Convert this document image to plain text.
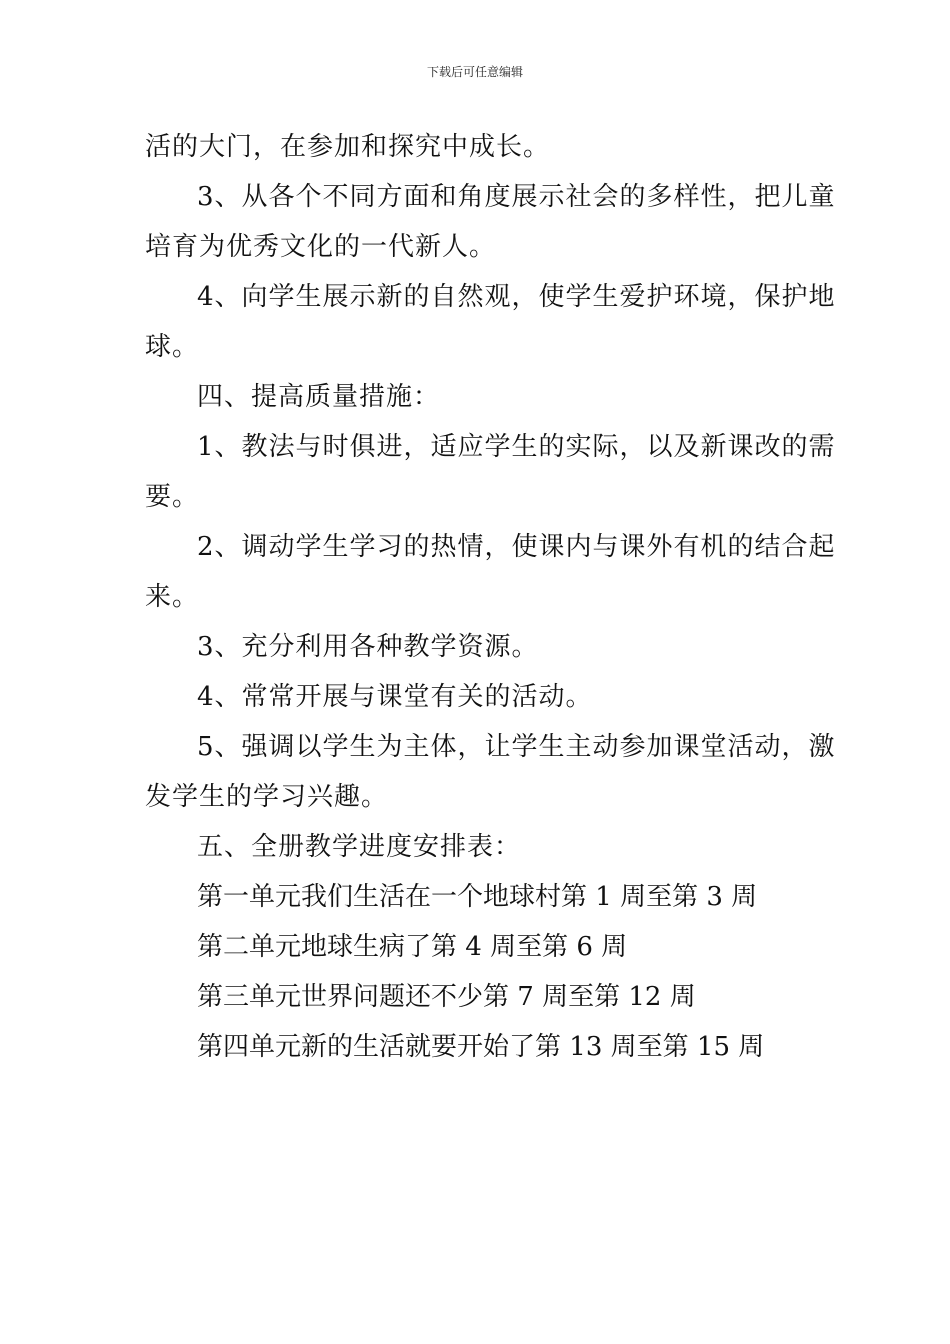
下载后可任意编辑
活的大门，在参加和探究中成长。
3、从各个不同方面和角度展示社会的多样性，把儿童
培育为优秀文化的一代新人。
4、向学生展示新的自然观，使学生爱护环境，保护地
球。
四、提高质量措施：
1、教法与时俱进，适应学生的实际，以及新课改的需
要。
2、调动学生学习的热情，使课内与课外有机的结合起
来。
3、充分利用各种教学资源。
4、常常开展与课堂有关的活动。
5、强调以学生为主体，让学生主动参加课堂活动，激
发学生的学习兴趣。
五、全册教学进度安排表：
第一单元我们生活在一个地球村第 1 周至第 3 周
第二单元地球生病了第 4 周至第 6 周
第三单元世界问题还不少第 7 周至第 12 周
第四单元新的生活就要开始了第 13 周至第 15 周
